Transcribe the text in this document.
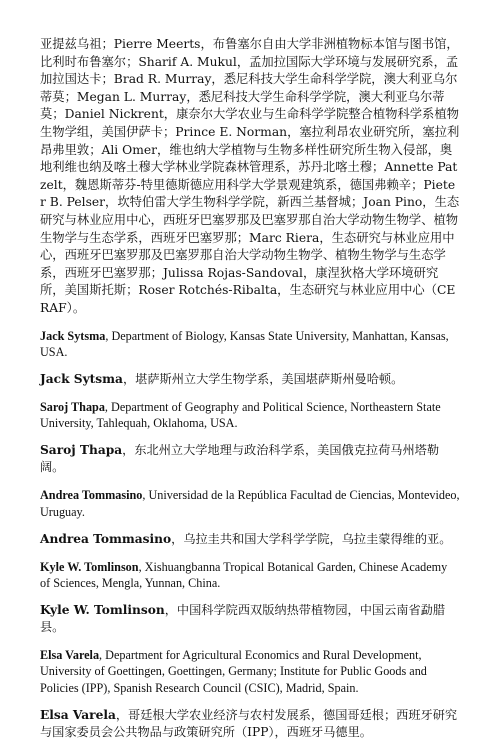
亚提兹乌祖；Pierre Meerts，布鲁塞尔自由大学非洲植物标本馆与图书馆，比利时布鲁塞尔；Sharif A. Mukul，孟加拉国际大学环境与发展研究系，孟加拉国达卡；Brad R. Murray，悉尼科技大学生命科学学院，澳大利亚乌尔蒂莫；Megan L. Murray，悉尼科技大学生命科学学院，澳大利亚乌尔蒂莫；Daniel Nickrent，康奈尔大学农业与生命科学学院整合植物科学系植物生物学组，美国伊萨卡；Prince E. Norman，塞拉利昂农业研究所，塞拉利昂弗里敦；Ali Omer，维也纳大学植物与生物多样性研究所生物入侵部，奥地利维也纳及喀土穆大学林业学院森林管理系，苏丹北喀土穆；Annette Patzelt，魏恩斯蒂芬-特里德斯德应用科学大学景观建筑系，德国弗赖辛；Pieter B. Pelser，坎特伯雷大学生物科学学院，新西兰基督城；Joan Pino，生态研究与林业应用中心，西班牙巴塞罗那及巴塞罗那自治大学动物生物学、植物生物学与生态学系，西班牙巴塞罗那；Marc Riera，生态研究与林业应用中心，西班牙巴塞罗那及巴塞罗那自治大学动物生物学、植物生物学与生态学系，西班牙巴塞罗那；Julissa Rojas-Sandoval，康涅狄格大学环境研究所，美国斯托斯；Roser Rotchés-Ribalta，生态研究与林业应用中心（CERAF）。

Jack Sytsma, Department of Biology, Kansas State University, Manhattan, Kansas, USA.

Jack Sytsma，堪萨斯州立大学生物学系，美国堪萨斯州曼哈顿。

Saroj Thapa, Department of Geography and Political Science, Northeastern State University, Tahlequah, Oklahoma, USA.

Saroj Thapa，东北州立大学地理与政治科学系，美国俄克拉荷马州塔勒阔。

Andrea Tommasino, Universidad de la República Facultad de Ciencias, Montevideo, Uruguay.

Andrea Tommasino，乌拉圭共和国大学科学学院，乌拉圭蒙得维的亚。

Kyle W. Tomlinson, Xishuangbanna Tropical Botanical Garden, Chinese Academy of Sciences, Mengla, Yunnan, China.

Kyle W. Tomlinson，中国科学院西双版纳热带植物园，中国云南省勐腊县。

Elsa Varela, Department for Agricultural Economics and Rural Development, University of Goettingen, Goettingen, Germany; Institute for Public Goods and Policies (IPP), Spanish Research Council (CSIC), Madrid, Spain.

Elsa Varela，哥廷根大学农业经济与农村发展系，德国哥廷根；西班牙研究与国家委员会公共物品与政策研究所（IPP），西班牙马德里。
